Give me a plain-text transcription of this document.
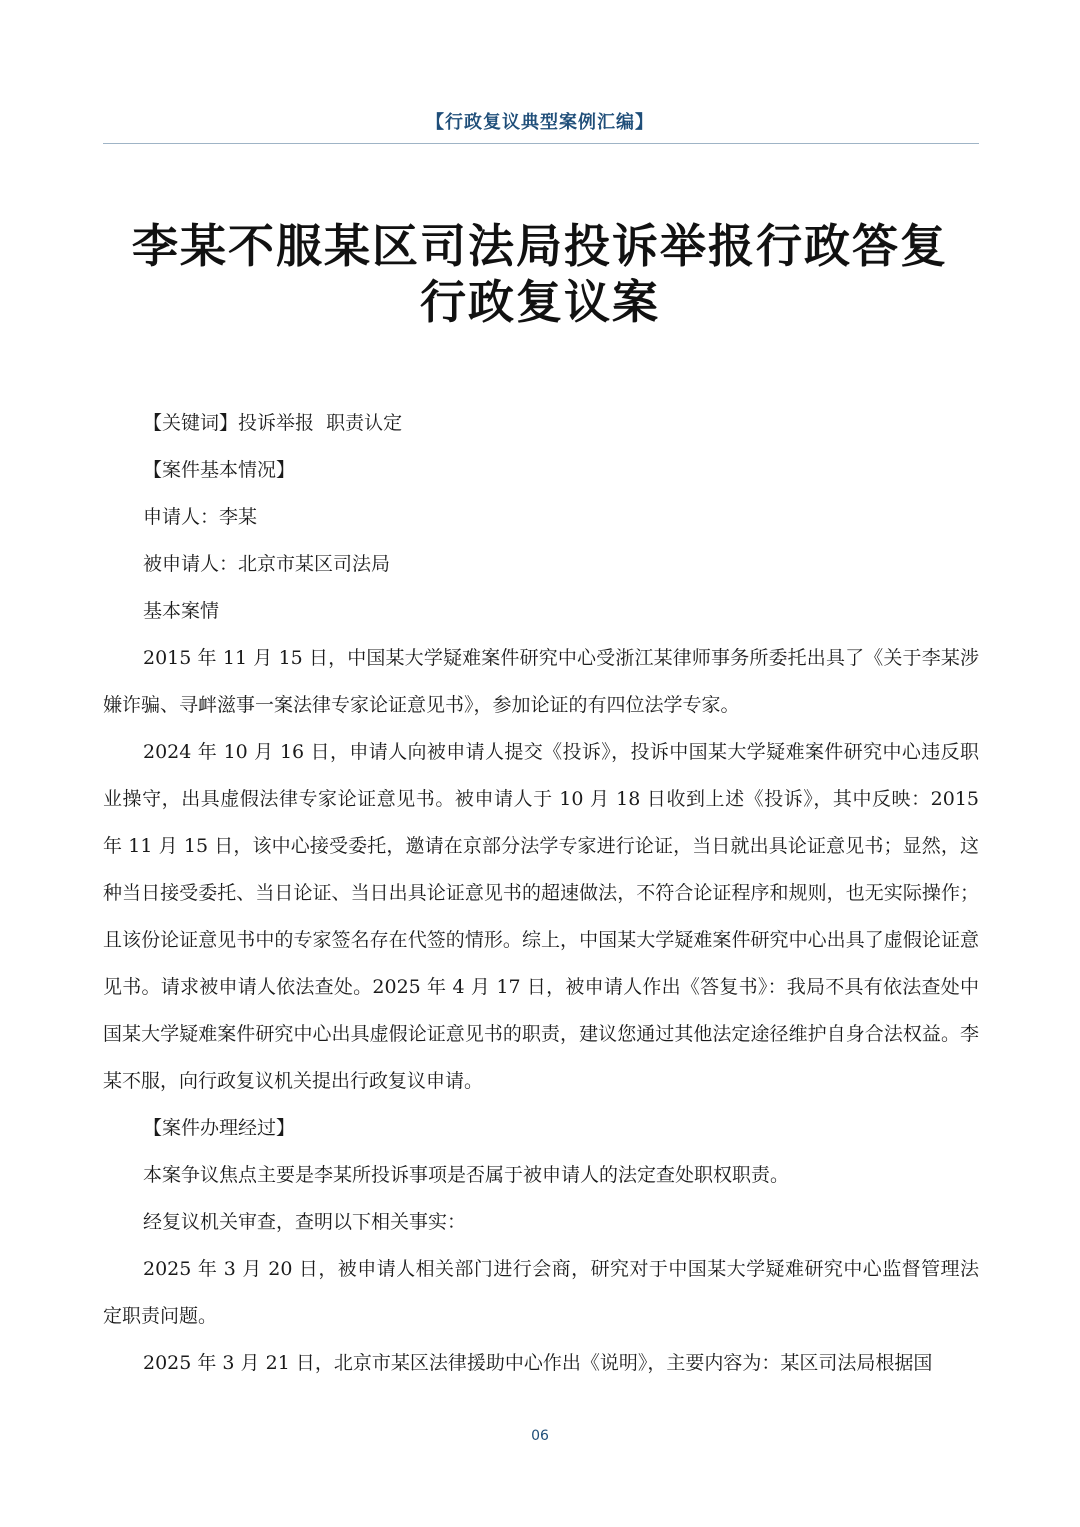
【行政复议典型案例汇编】
李某不服某区司法局投诉举报行政答复
行政复议案

【关键词】投诉举报  职责认定

【案件基本情况】

申请人：李某

被申请人：北京市某区司法局

基本案情

2015 年 11 月 15 日，中国某大学疑难案件研究中心受浙江某律师事务所委托出具了《关于李某涉嫌诈骗、寻衅滋事一案法律专家论证意见书》，参加论证的有四位法学专家。

2024 年 10 月 16 日，申请人向被申请人提交《投诉》，投诉中国某大学疑难案件研究中心违反职业操守，出具虚假法律专家论证意见书。被申请人于 10 月 18 日收到上述《投诉》，其中反映：2015 年 11 月 15 日，该中心接受委托，邀请在京部分法学专家进行论证，当日就出具论证意见书；显然，这种当日接受委托、当日论证、当日出具论证意见书的超速做法，不符合论证程序和规则，也无实际操作；且该份论证意见书中的专家签名存在代签的情形。综上，中国某大学疑难案件研究中心出具了虚假论证意见书。请求被申请人依法查处。2025 年 4 月 17 日，被申请人作出《答复书》：我局不具有依法查处中国某大学疑难案件研究中心出具虚假论证意见书的职责，建议您通过其他法定途径维护自身合法权益。李某不服，向行政复议机关提出行政复议申请。

【案件办理经过】

本案争议焦点主要是李某所投诉事项是否属于被申请人的法定查处职权职责。

经复议机关审查，查明以下相关事实：

2025 年 3 月 20 日，被申请人相关部门进行会商，研究对于中国某大学疑难研究中心监督管理法定职责问题。

2025 年 3 月 21 日，北京市某区法律援助中心作出《说明》，主要内容为：某区司法局根据国

06
